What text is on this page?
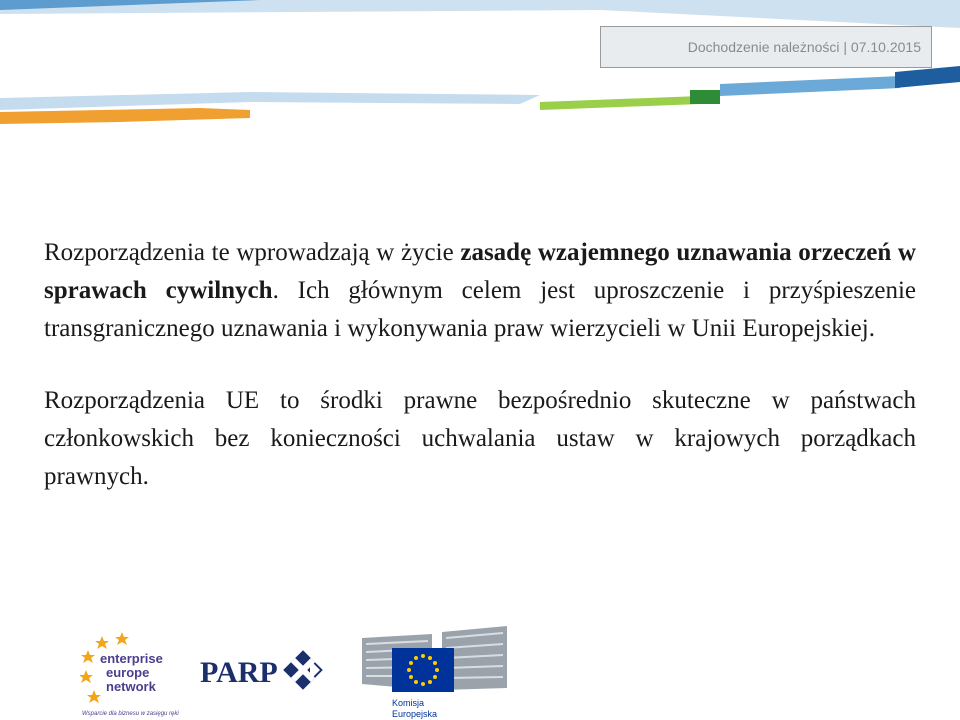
Dochodzenie należności | 07.10.2015

Rozporządzenia te wprowadzają w życie zasadę wzajemnego uznawania orzeczeń w sprawach cywilnych. Ich głównym celem jest uproszczenie i przyśpieszenie transgranicznego uznawania i wykonywania praw wierzycieli w Unii Europejskiej.

Rozporządzenia UE to środki prawne bezpośrednio skuteczne w państwach członkowskich bez konieczności uchwalania ustaw w krajowych porządkach prawnych.

enterprise
europe
network
Wsparcie dla biznesu w zasięgu ręki
PARP
Komisja
Europejska
